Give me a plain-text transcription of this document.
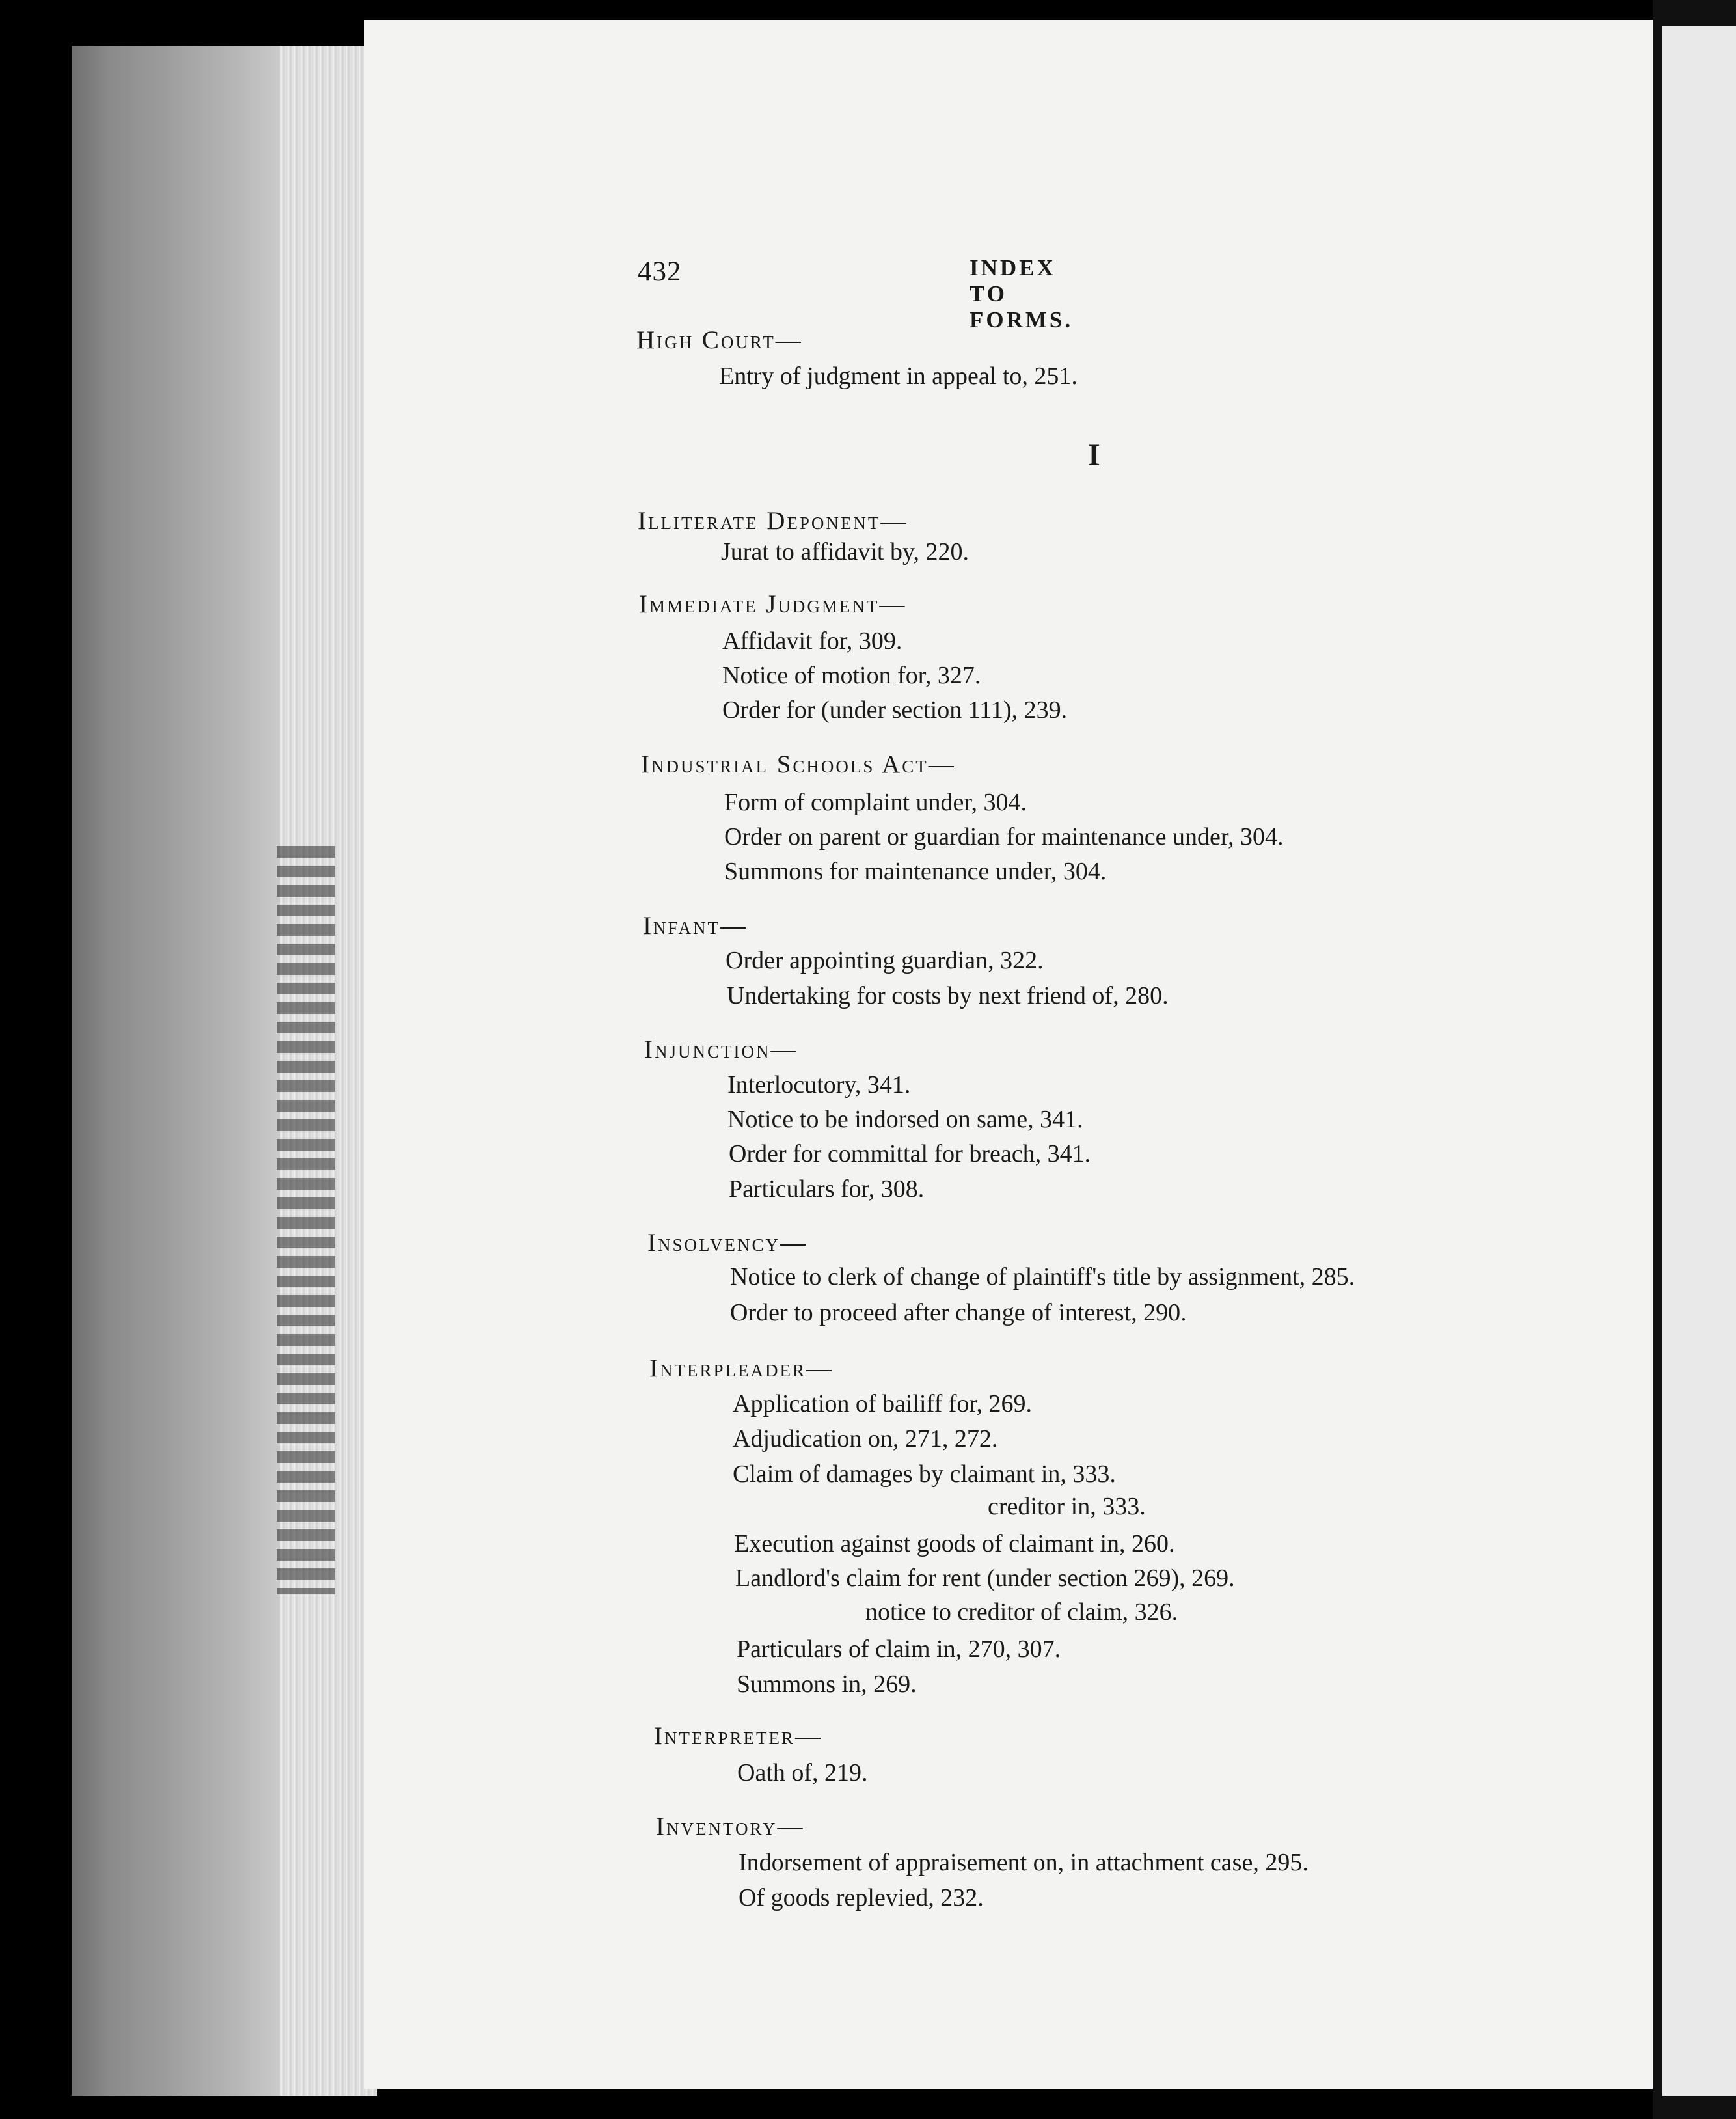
432	INDEX TO FORMS.
High Court—
Entry of judgment in appeal to, 251.
I
Illiterate Deponent—
Jurat to affidavit by, 220.
Immediate Judgment—
Affidavit for, 309.
Notice of motion for, 327.
Order for (under section 111), 239.
Industrial Schools Act—
Form of complaint under, 304.
Order on parent or guardian for maintenance under, 304.
Summons for maintenance under, 304.
Infant—
Order appointing guardian, 322.
Undertaking for costs by next friend of, 280.
Injunction—
Interlocutory, 341.
Notice to be indorsed on same, 341.
Order for committal for breach, 341.
Particulars for, 308.
Insolvency—
Notice to clerk of change of plaintiff's title by assignment, 285.
Order to proceed after change of interest, 290.
Interpleader—
Application of bailiff for, 269.
Adjudication on, 271, 272.
Claim of damages by claimant in, 333.
creditor in, 333.
Execution against goods of claimant in, 260.
Landlord's claim for rent (under section 269), 269.
notice to creditor of claim, 326.
Particulars of claim in, 270, 307.
Summons in, 269.
Interpreter—
Oath of, 219.
Inventory—
Indorsement of appraisement on, in attachment case, 295.
Of goods replevied, 232.
